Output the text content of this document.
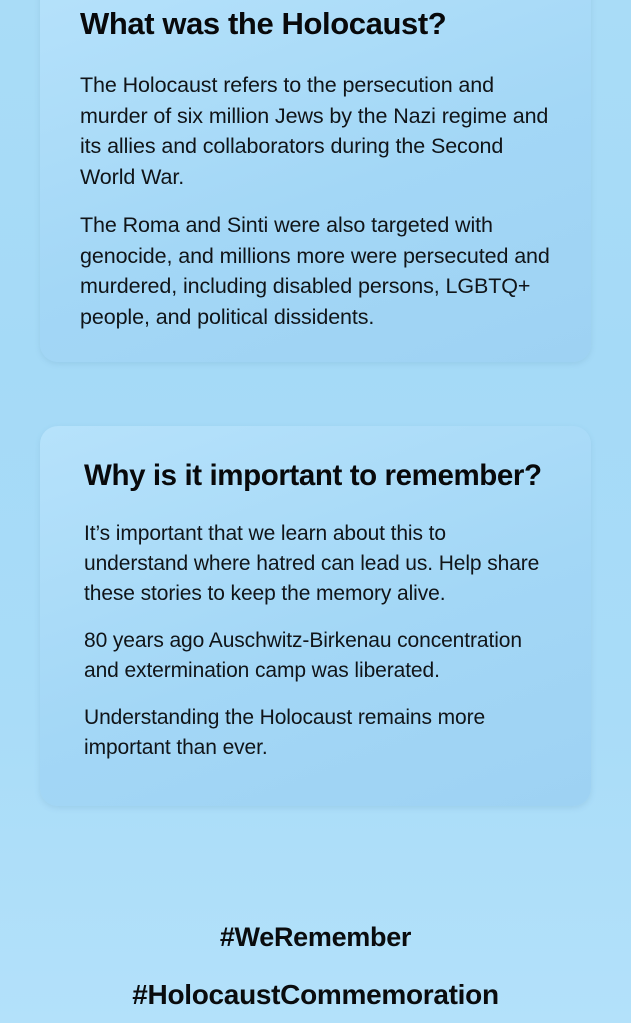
What was the Holocaust?

The Holocaust refers to the persecution and murder of six million Jews by the Nazi regime and its allies and collaborators during the Second World War.

The Roma and Sinti were also targeted with genocide, and millions more were persecuted and murdered, including disabled persons, LGBTQ+ people, and political dissidents.

Why is it important to remember?

It’s important that we learn about this to understand where hatred can lead us. Help share these stories to keep the memory alive.

80 years ago Auschwitz-Birkenau concentration and extermination camp was liberated.

Understanding the Holocaust remains more important than ever.

#WeRemember
#HolocaustCommemoration
